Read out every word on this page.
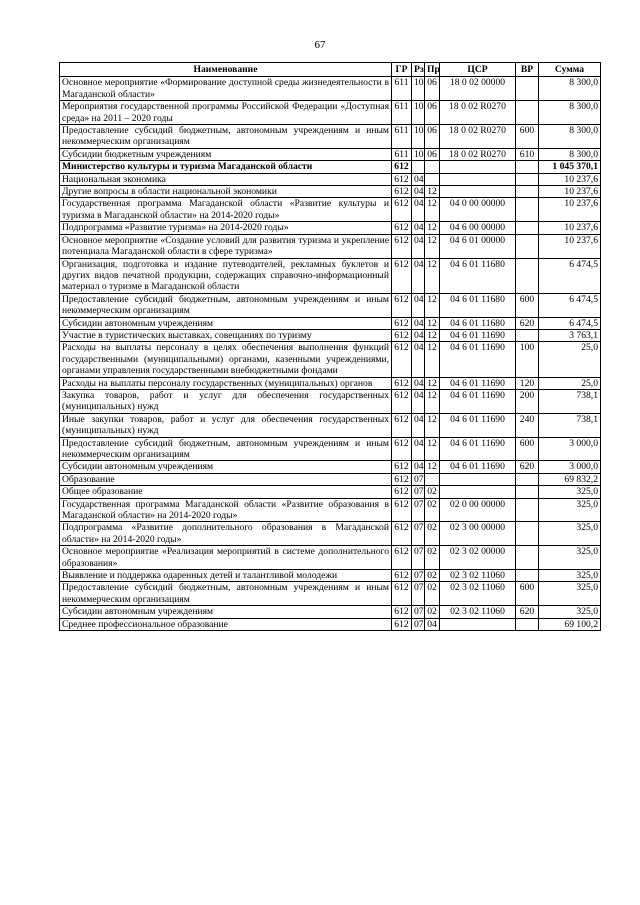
67
Наименование	ГР	Рз	Пр	ЦСР	ВР	Сумма
Основное мероприятие «Формирование доступной среды жизнедеятельности в Магаданской области»	611	10	06	18 0 02 00000		8 300,0
Мероприятия государственной программы Российской Федерации «Доступная среда» на 2011 – 2020 годы	611	10	06	18 0 02 R0270		8 300,0
Предоставление субсидий бюджетным, автономным учреждениям и иным некоммерческим организациям	611	10	06	18 0 02 R0270	600	8 300,0
Субсидии бюджетным учреждениям	611	10	06	18 0 02 R0270	610	8 300,0
Министерство культуры и туризма Магаданской области	612					1 045 370,1
Национальная экономика	612	04				10 237,6
Другие вопросы в области национальной экономики	612	04	12			10 237,6
Государственная программа Магаданской области «Развитие культуры и туризма в Магаданской области» на 2014-2020 годы»	612	04	12	04 0 00 00000		10 237,6
Подпрограмма «Развитие туризма» на 2014-2020 годы»	612	04	12	04 6 00 00000		10 237,6
Основное мероприятие «Создание условий для развития туризма и укрепление потенциала Магаданской области в сфере туризма»	612	04	12	04 6 01 00000		10 237,6
Организация, подготовка и издание путеводителей, рекламных буклетов и других видов печатной продукции, содержащих справочно-информационный материал о туризме в Магаданской области	612	04	12	04 6 01 11680		6 474,5
Предоставление субсидий бюджетным, автономным учреждениям и иным некоммерческим организациям	612	04	12	04 6 01 11680	600	6 474,5
Субсидии автономным учреждениям	612	04	12	04 6 01 11680	620	6 474,5
Участие в туристических выставках, совещаниях по туризму	612	04	12	04 6 01 11690		3 763,1
Расходы на выплаты персоналу в целях обеспечения выполнения функций государственными (муниципальными) органами, казенными учреждениями, органами управления государственными внебюджетными фондами	612	04	12	04 6 01 11690	100	25,0
Расходы на выплаты персоналу государственных (муниципальных) органов	612	04	12	04 6 01 11690	120	25,0
Закупка товаров, работ и услуг для обеспечения государственных (муниципальных) нужд	612	04	12	04 6 01 11690	200	738,1
Иные закупки товаров, работ и услуг для обеспечения государственных (муниципальных) нужд	612	04	12	04 6 01 11690	240	738,1
Предоставление субсидий бюджетным, автономным учреждениям и иным некоммерческим организациям	612	04	12	04 6 01 11690	600	3 000,0
Субсидии автономным учреждениям	612	04	12	04 6 01 11690	620	3 000,0
Образование	612	07				69 832,2
Общее образование	612	07	02			325,0
Государственная программа Магаданской области «Развитие образования в Магаданской области» на 2014-2020 годы»	612	07	02	02 0 00 00000		325,0
Подпрограмма «Развитие дополнительного образования в Магаданской области» на 2014-2020 годы»	612	07	02	02 3 00 00000		325,0
Основное мероприятие «Реализация мероприятий в системе дополнительного образования»	612	07	02	02 3 02 00000		325,0
Выявление и поддержка одаренных детей и талантливой молодежи	612	07	02	02 3 02 11060		325,0
Предоставление субсидий бюджетным, автономным учреждениям и иным некоммерческим организациям	612	07	02	02 3 02 11060	600	325,0
Субсидии автономным учреждениям	612	07	02	02 3 02 11060	620	325,0
Среднее профессиональное образование	612	07	04			69 100,2
